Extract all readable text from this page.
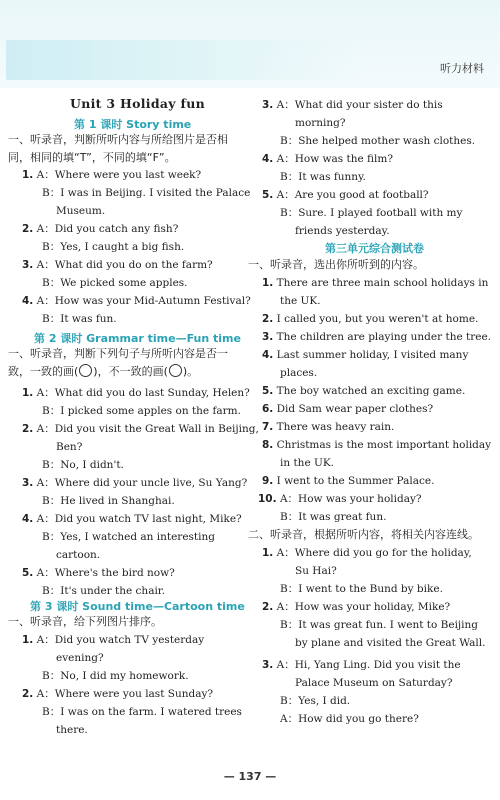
听力材料
Unit 3 Holiday fun
第 1 课时 Story time
一、听录音，判断所听内容与所给图片是否相
同，相同的填“T”，不同的填“F”。
1. A：Where were you last week?
B：I was in Beijing. I visited the Palace
Museum.
2. A：Did you catch any fish?
B：Yes, I caught a big fish.
3. A：What did you do on the farm?
B：We picked some apples.
4. A：How was your Mid-Autumn Festival?
B：It was fun.
第 2 课时 Grammar time—Fun time
一、听录音，判断下列句子与所听内容是否一
致，一致的画( )，不一致的画( )。
1. A：What did you do last Sunday, Helen?
B：I picked some apples on the farm.
2. A：Did you visit the Great Wall in Beijing,
Ben?
B：No, I didn't.
3. A：Where did your uncle live, Su Yang?
B：He lived in Shanghai.
4. A：Did you watch TV last night, Mike?
B：Yes, I watched an interesting
cartoon.
5. A：Where's the bird now?
B：It's under the chair.
第 3 课时 Sound time—Cartoon time
一、听录音，给下列图片排序。
1. A：Did you watch TV yesterday
evening?
B：No, I did my homework.
2. A：Where were you last Sunday?
B：I was on the farm. I watered trees
there.
3. A：What did your sister do this
morning?
B：She helped mother wash clothes.
4. A：How was the film?
B：It was funny.
5. A：Are you good at football?
B：Sure. I played football with my
friends yesterday.
第三单元综合测试卷
一、听录音，选出你所听到的内容。
1. There are three main school holidays in
the UK.
2. I called you, but you weren't at home.
3. The children are playing under the tree.
4. Last summer holiday, I visited many
places.
5. The boy watched an exciting game.
6. Did Sam wear paper clothes?
7. There was heavy rain.
8. Christmas is the most important holiday
in the UK.
9. I went to the Summer Palace.
10. A：How was your holiday?
B：It was great fun.
二、听录音，根据所听内容，将相关内容连线。
1. A：Where did you go for the holiday,
Su Hai?
B：I went to the Bund by bike.
2. A：How was your holiday, Mike?
B：It was great fun. I went to Beijing
by plane and visited the Great Wall.
3. A：Hi, Yang Ling. Did you visit the
Palace Museum on Saturday?
B：Yes, I did.
A：How did you go there?
— 137 —
